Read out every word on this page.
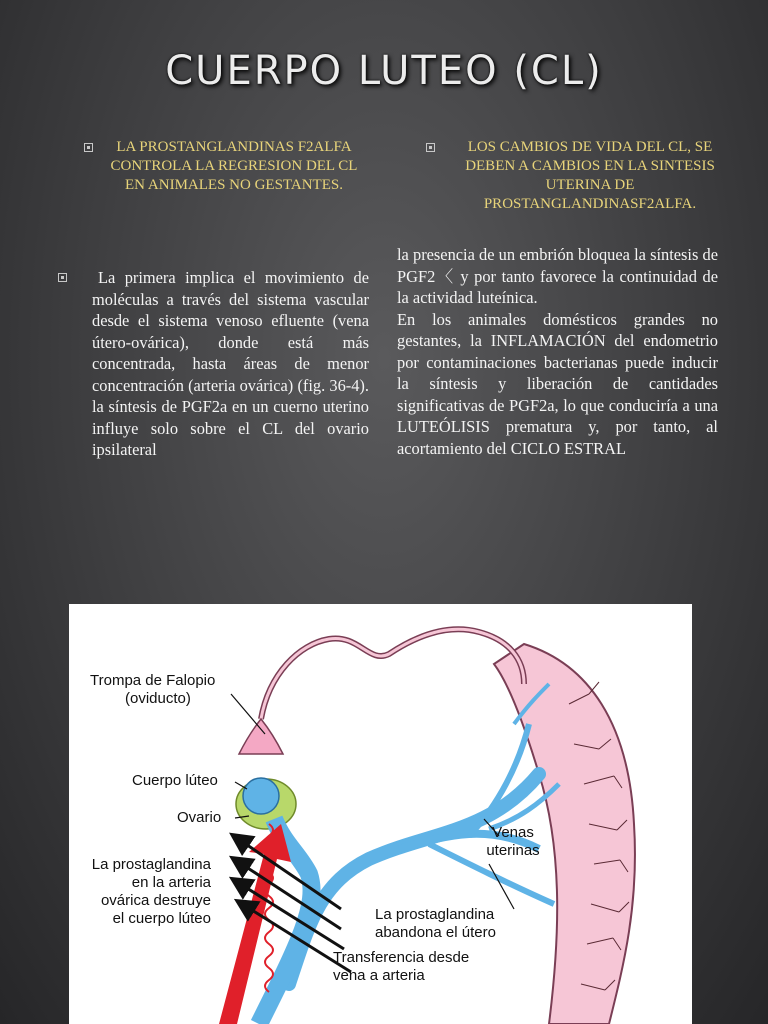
CUERPO LUTEO (CL)
LA PROSTANGLANDINAS F2ALFA CONTROLA LA REGRESION DEL CL EN ANIMALES NO GESTANTES.
LOS CAMBIOS DE VIDA DEL CL, SE DEBEN A CAMBIOS EN LA SINTESIS UTERINA DE PROSTANGLANDINASF2ALFA.
La primera implica el movimiento de moléculas a través del sistema vascular desde el sistema venoso efluente (vena útero-ovárica), donde está más concentrada, hasta áreas de menor concentración (arteria ovárica) (fig. 36-4). la síntesis de PGF2a en un cuerno uterino influye solo sobre el CL del ovario ipsilateral

la presencia de un embrión bloquea la síntesis de PGF2〈 y por tanto favorece la continuidad de la actividad luteínica.

En los animales domésticos grandes no gestantes, la INFLAMACIÓN del endometrio por contaminaciones bacterianas puede inducir la síntesis y liberación de cantidades significativas de PGF2a, lo que conduciría a una LUTEÓLISIS prematura y, por tanto, al acortamiento del CICLO ESTRAL

Trompa de Falopio
(oviducto)
Cuerpo lúteo
Ovario
Venas
uterinas
La prostaglandina
en la arteria
ovárica destruye
el cuerpo lúteo	La prostaglandina
abandona el útero
Transferencia desde
vena a arteria
